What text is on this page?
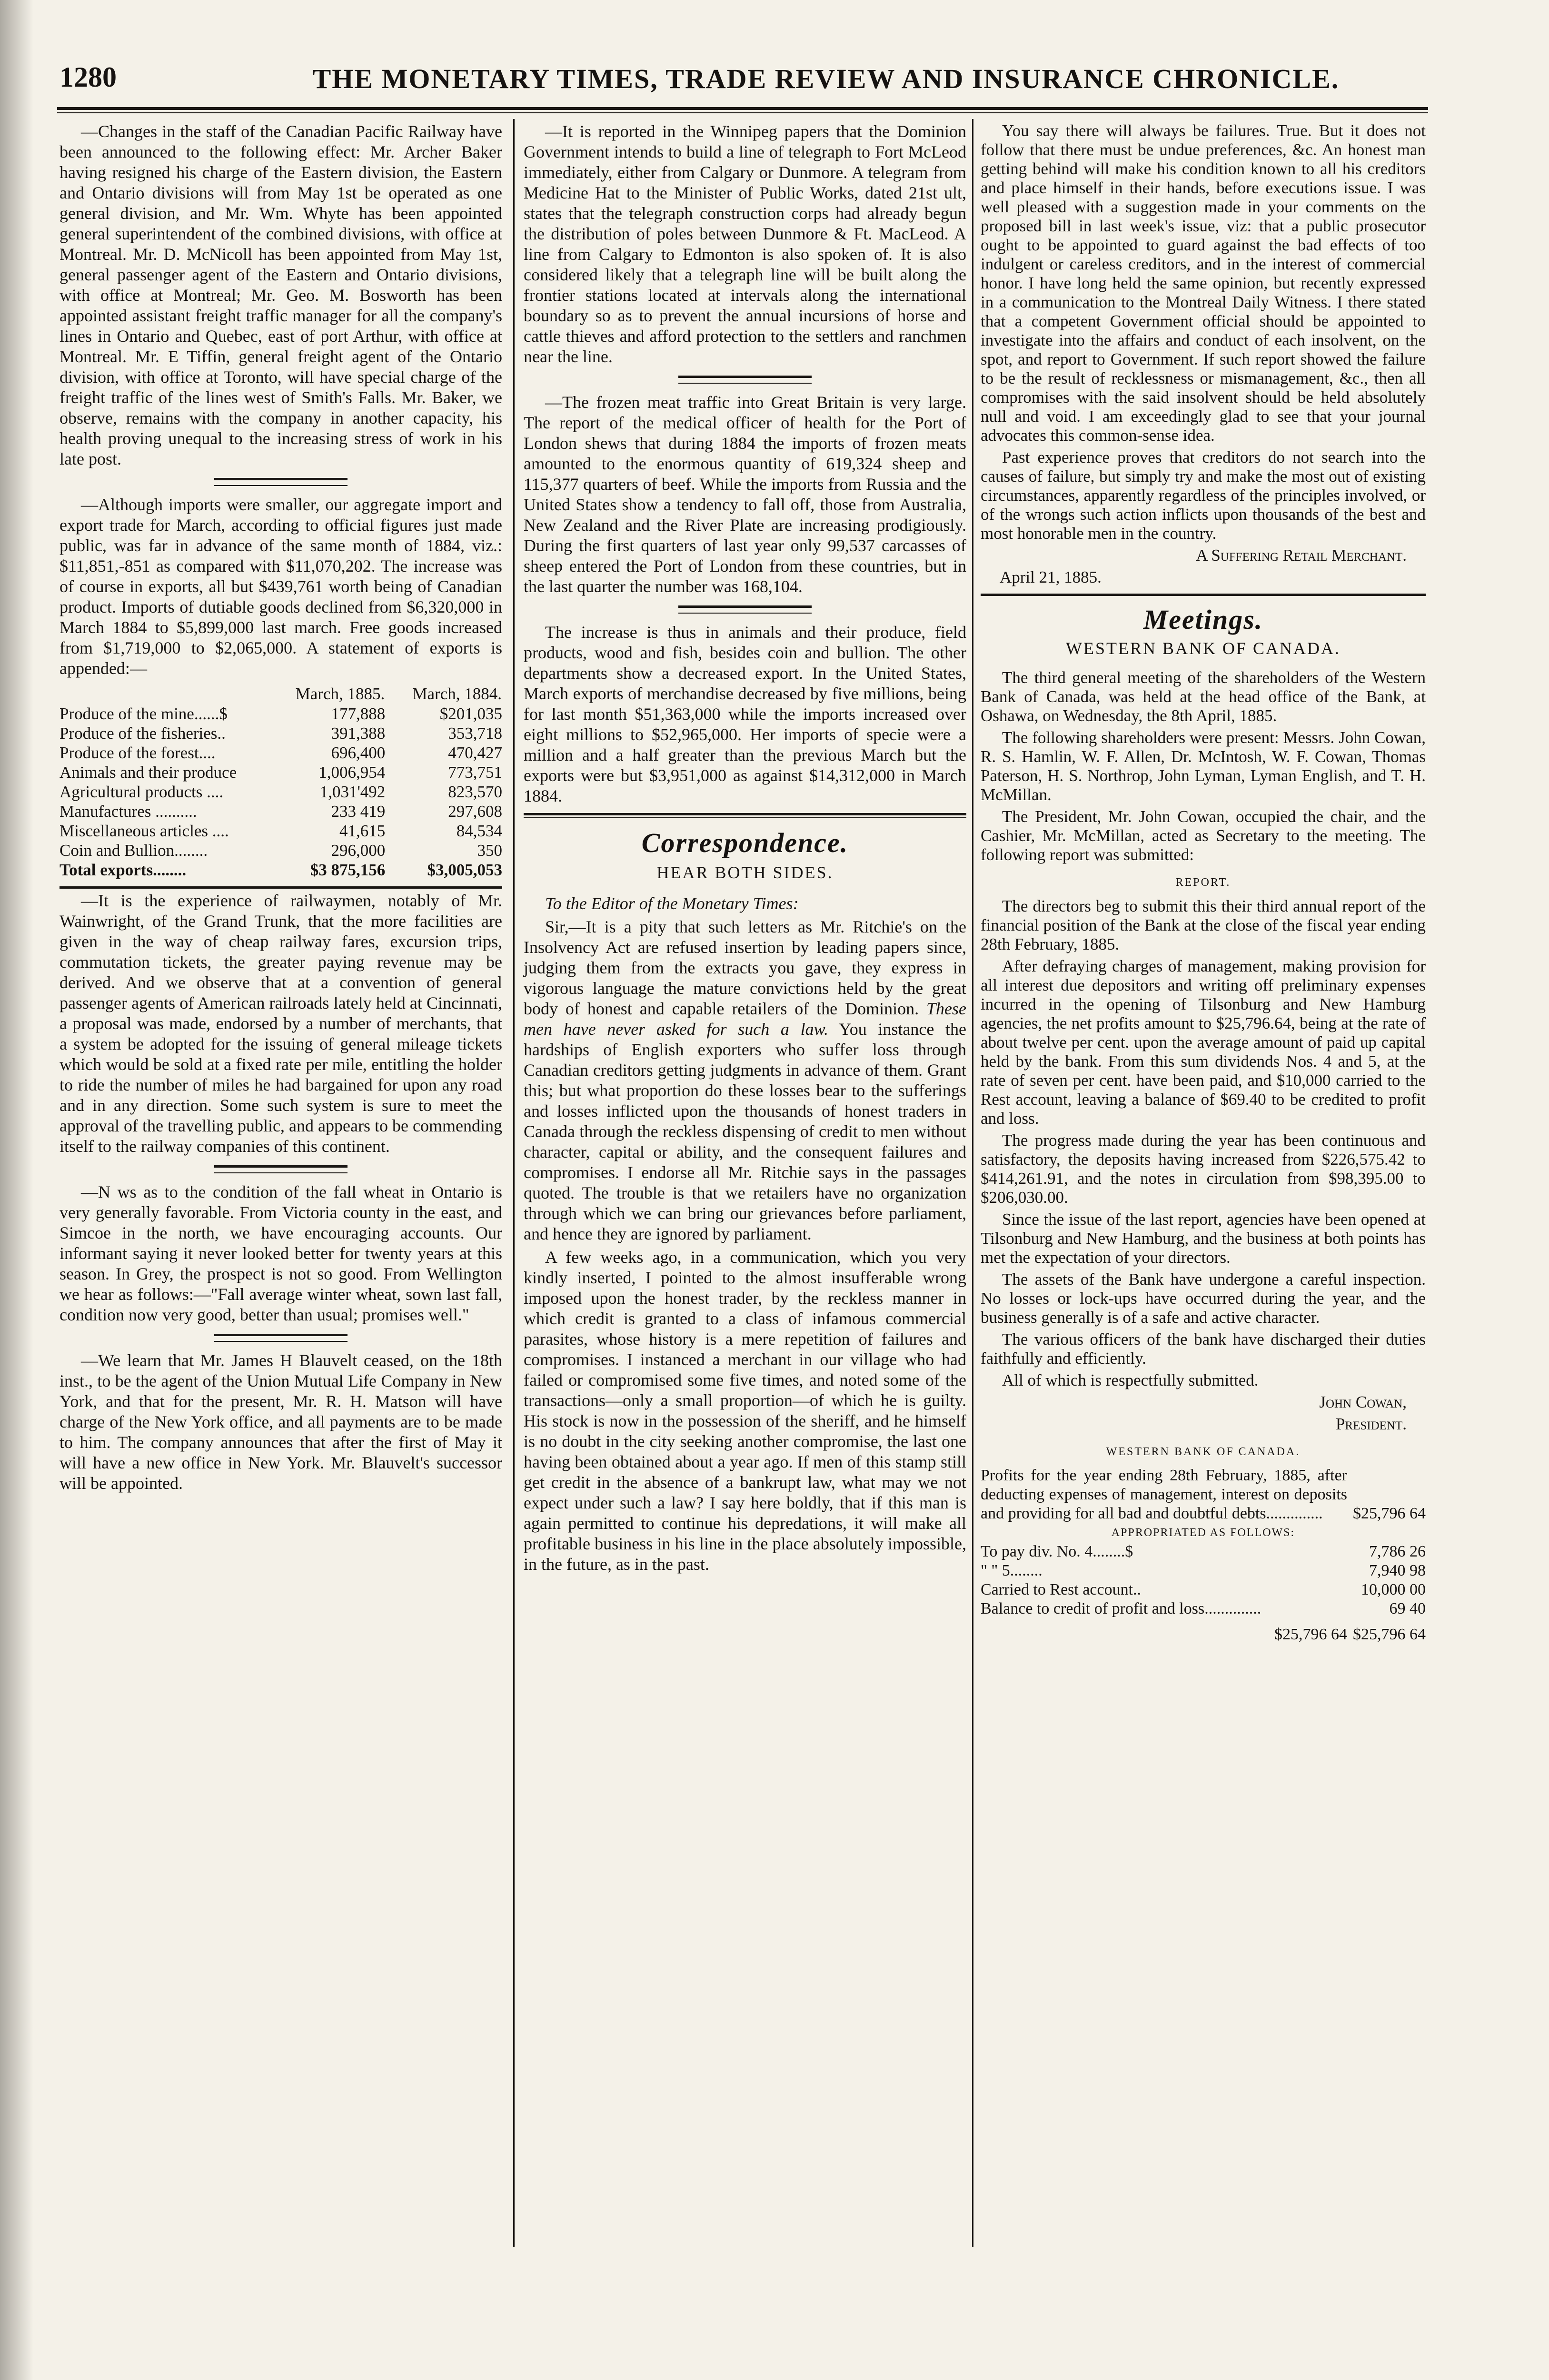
1280	THE MONETARY TIMES, TRADE REVIEW AND INSURANCE CHRONICLE.

—Changes in the staff of the Canadian Pacific Railway have been announced to the following effect: Mr. Archer Baker having resigned his charge of the Eastern division, the Eastern and Ontario divisions will from May 1st be operated as one general division, and Mr. Wm. Whyte has been appointed general superintendent of the combined divisions, with office at Montreal. Mr. D. McNicoll has been appointed from May 1st, general passenger agent of the Eastern and Ontario divisions, with office at Montreal; Mr. Geo. M. Bosworth has been appointed assistant freight traffic manager for all the company's lines in Ontario and Quebec, east of port Arthur, with office at Montreal. Mr. E Tiffin, general freight agent of the Ontario division, with office at Toronto, will have special charge of the freight traffic of the lines west of Smith's Falls. Mr. Baker, we observe, remains with the company in another capacity, his health proving unequal to the increasing stress of work in his late post.

—Although imports were smaller, our aggregate import and export trade for March, according to official figures just made public, was far in advance of the same month of 1884, viz.: $11,851,-851 as compared with $11,070,202. The increase was of course in exports, all but $439,761 worth being of Canadian product. Imports of dutiable goods declined from $6,320,000 in March 1884 to $5,899,000 last march. Free goods increased from $1,719,000 to $2,065,000. A statement of exports is appended:—

	March, 1885.	March, 1884.
Produce of the mine......$	177,888	$201,035
Produce of the fisheries..	391,388	353,718
Produce of the forest....	696,400	470,427
Animals and their produce	1,006,954	773,751
Agricultural products ....	1,031'492	823,570
Manufactures ..........	233 419	297,608
Miscellaneous articles ....	41,615	84,534
Coin and Bullion........	296,000	350
Total exports........	$3 875,156	$3,005,053

—It is the experience of railwaymen, notably of Mr. Wainwright, of the Grand Trunk, that the more facilities are given in the way of cheap railway fares, excursion trips, commutation tickets, the greater paying revenue may be derived. And we observe that at a convention of general passenger agents of American railroads lately held at Cincinnati, a proposal was made, endorsed by a number of merchants, that a system be adopted for the issuing of general mileage tickets which would be sold at a fixed rate per mile, entitling the holder to ride the number of miles he had bargained for upon any road and in any direction. Some such system is sure to meet the approval of the travelling public, and appears to be commending itself to the railway companies of this continent.

—N ws as to the condition of the fall wheat in Ontario is very generally favorable. From Victoria county in the east, and Simcoe in the north, we have encouraging accounts. Our informant saying it never looked better for twenty years at this season. In Grey, the prospect is not so good. From Wellington we hear as follows:—"Fall average winter wheat, sown last fall, condition now very good, better than usual; promises well."

—We learn that Mr. James H Blauvelt ceased, on the 18th inst., to be the agent of the Union Mutual Life Company in New York, and that for the present, Mr. R. H. Matson will have charge of the New York office, and all payments are to be made to him. The company announces that after the first of May it will have a new office in New York. Mr. Blauvelt's successor will be appointed.

—It is reported in the Winnipeg papers that the Dominion Government intends to build a line of telegraph to Fort McLeod immediately, either from Calgary or Dunmore. A telegram from Medicine Hat to the Minister of Public Works, dated 21st ult, states that the telegraph construction corps had already begun the distribution of poles between Dunmore & Ft. MacLeod. A line from Calgary to Edmonton is also spoken of. It is also considered likely that a telegraph line will be built along the frontier stations located at intervals along the international boundary so as to prevent the annual incursions of horse and cattle thieves and afford protection to the settlers and ranchmen near the line.

—The frozen meat traffic into Great Britain is very large. The report of the medical officer of health for the Port of London shews that during 1884 the imports of frozen meats amounted to the enormous quantity of 619,324 sheep and 115,377 quarters of beef. While the imports from Russia and the United States show a tendency to fall off, those from Australia, New Zealand and the River Plate are increasing prodigiously. During the first quarters of last year only 99,537 carcasses of sheep entered the Port of London from these countries, but in the last quarter the number was 168,104.

The increase is thus in animals and their produce, field products, wood and fish, besides coin and bullion. The other departments show a decreased export. In the United States, March exports of merchandise decreased by five millions, being for last month $51,363,000 while the imports increased over eight millions to $52,965,000. Her imports of specie were a million and a half greater than the previous March but the exports were but $3,951,000 as against $14,312,000 in March 1884.

Correspondence.
HEAR BOTH SIDES.

To the Editor of the Monetary Times:

Sir,—It is a pity that such letters as Mr. Ritchie's on the Insolvency Act are refused insertion by leading papers since, judging them from the extracts you gave, they express in vigorous language the mature convictions held by the great body of honest and capable retailers of the Dominion. These men have never asked for such a law. You instance the hardships of English exporters who suffer loss through Canadian creditors getting judgments in advance of them. Grant this; but what proportion do these losses bear to the sufferings and losses inflicted upon the thousands of honest traders in Canada through the reckless dispensing of credit to men without character, capital or ability, and the consequent failures and compromises. I endorse all Mr. Ritchie says in the passages quoted. The trouble is that we retailers have no organization through which we can bring our grievances before parliament, and hence they are ignored by parliament.

A few weeks ago, in a communication, which you very kindly inserted, I pointed to the almost insufferable wrong imposed upon the honest trader, by the reckless manner in which credit is granted to a class of infamous commercial parasites, whose history is a mere repetition of failures and compromises. I instanced a merchant in our village who had failed or compromised some five times, and noted some of the transactions—only a small proportion—of which he is guilty. His stock is now in the possession of the sheriff, and he himself is no doubt in the city seeking another compromise, the last one having been obtained about a year ago. If men of this stamp still get credit in the absence of a bankrupt law, what may we not expect under such a law? I say here boldly, that if this man is again permitted to continue his depredations, it will make all profitable business in his line in the place absolutely impossible, in the future, as in the past.

You say there will always be failures. True. But it does not follow that there must be undue preferences, &c. An honest man getting behind will make his condition known to all his creditors and place himself in their hands, before executions issue. I was well pleased with a suggestion made in your comments on the proposed bill in last week's issue, viz: that a public prosecutor ought to be appointed to guard against the bad effects of too indulgent or careless creditors, and in the interest of commercial honor. I have long held the same opinion, but recently expressed in a communication to the Montreal Daily Witness. I there stated that a competent Government official should be appointed to investigate into the affairs and conduct of each insolvent, on the spot, and report to Government. If such report showed the failure to be the result of recklessness or mismanagement, &c., then all compromises with the said insolvent should be held absolutely null and void. I am exceedingly glad to see that your journal advocates this common-sense idea.

Past experience proves that creditors do not search into the causes of failure, but simply try and make the most out of existing circumstances, apparently regardless of the principles involved, or of the wrongs such action inflicts upon thousands of the best and most honorable men in the country.

A Suffering Retail Merchant.

April 21, 1885.

Meetings.
WESTERN BANK OF CANADA.

The third general meeting of the shareholders of the Western Bank of Canada, was held at the head office of the Bank, at Oshawa, on Wednesday, the 8th April, 1885.

The following shareholders were present: Messrs. John Cowan, R. S. Hamlin, W. F. Allen, Dr. McIntosh, W. F. Cowan, Thomas Paterson, H. S. Northrop, John Lyman, Lyman English, and T. H. McMillan.

The President, Mr. John Cowan, occupied the chair, and the Cashier, Mr. McMillan, acted as Secretary to the meeting. The following report was submitted:

REPORT.

The directors beg to submit this their third annual report of the financial position of the Bank at the close of the fiscal year ending 28th February, 1885.

After defraying charges of management, making provision for all interest due depositors and writing off preliminary expenses incurred in the opening of Tilsonburg and New Hamburg agencies, the net profits amount to $25,796.64, being at the rate of about twelve per cent. upon the average amount of paid up capital held by the bank. From this sum dividends Nos. 4 and 5, at the rate of seven per cent. have been paid, and $10,000 carried to the Rest account, leaving a balance of $69.40 to be credited to profit and loss.

The progress made during the year has been continuous and satisfactory, the deposits having increased from $226,575.42 to $414,261.91, and the notes in circulation from $98,395.00 to $206,030.00.

Since the issue of the last report, agencies have been opened at Tilsonburg and New Hamburg, and the business at both points has met the expectation of your directors.

The assets of the Bank have undergone a careful inspection. No losses or lock-ups have occurred during the year, and the business generally is of a safe and active character.

The various officers of the bank have discharged their duties faithfully and efficiently.

All of which is respectfully submitted.

John Cowan,

President.

WESTERN BANK OF CANADA.
Profits for the year ending 28th February, 1885, after deducting expenses of management, interest on deposits and providing for all bad and doubtful debts..............	$25,796 64
APPROPRIATED AS FOLLOWS:	
To pay div. No. 4........$	7,786 26
" " 5........	7,940 98
Carried to Rest account..	10,000 00
Balance to credit of profit and loss..............	69 40
$25,796 64	$25,796 64
